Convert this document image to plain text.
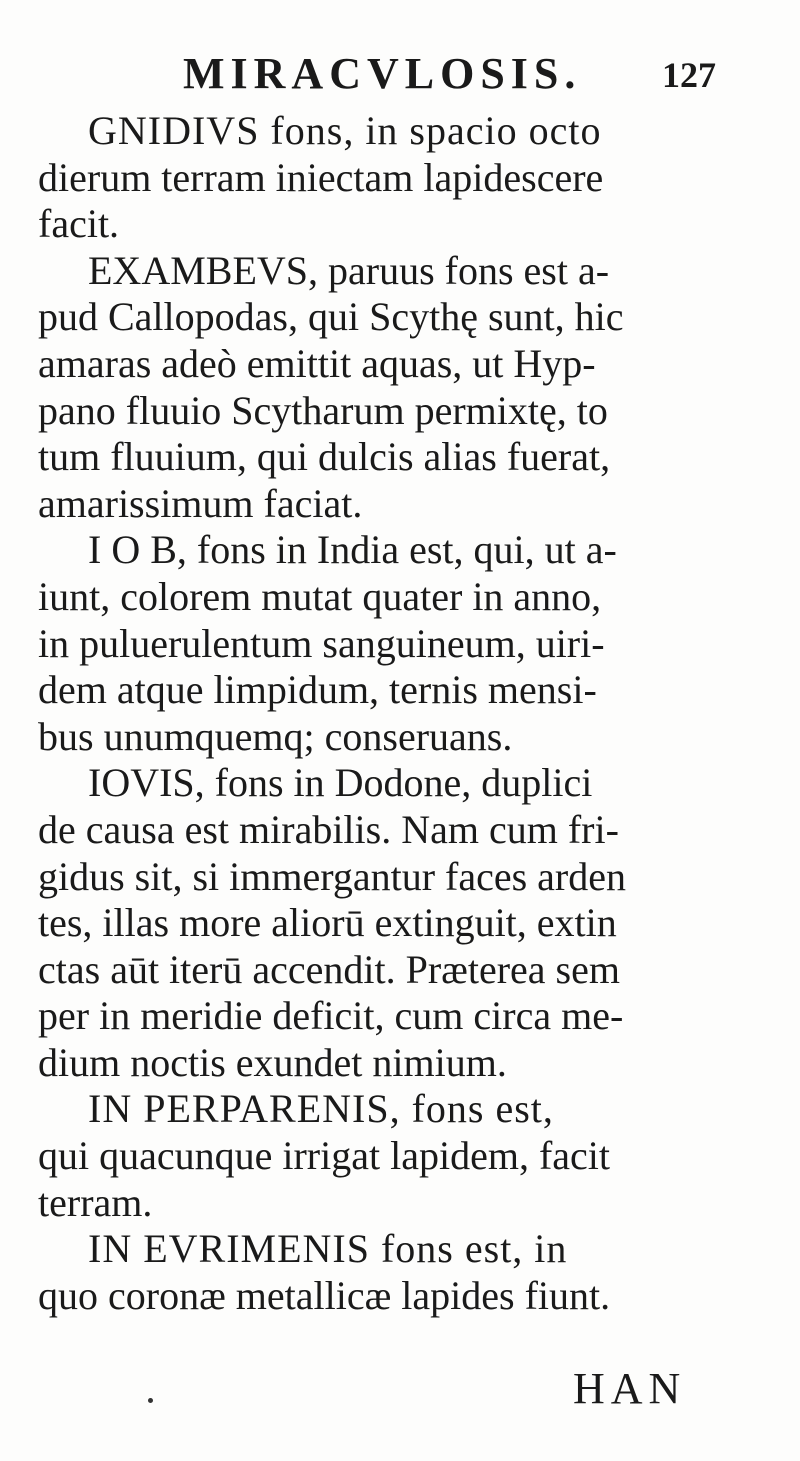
MIRACVLOSIS. 127
GNIDIVS fons, in spacio octo
dierum terram iniectam lapidescere
facit.
EXAMBEVS, paruus fons est a-
pud Callopodas, qui Scythę sunt, hic
amaras adeò emittit aquas, ut Hyp-
pano fluuio Scytharum permixtę, to
tum fluuium, qui dulcis alias fuerat,
amarissimum faciat.
I O B, fons in India est, qui, ut a-
iunt, colorem mutat quater in anno,
in puluerulentum sanguineum, uiri-
dem atque limpidum, ternis mensi-
bus unumquemq; conseruans.
IOVIS, fons in Dodone, duplici
de causa est mirabilis. Nam cum fri-
gidus sit, si immergantur faces arden
tes, illas more aliorū extinguit, extin
ctas aūt iterū accendit. Præterea sem
per in meridie deficit, cum circa me-
dium noctis exundet nimium.
IN PERPARENIS, fons est,
qui quacunque irrigat lapidem, facit
terram.
IN EVRIMENIS fons est, in
quo coronæ metallicæ lapides fiunt.
HAN
